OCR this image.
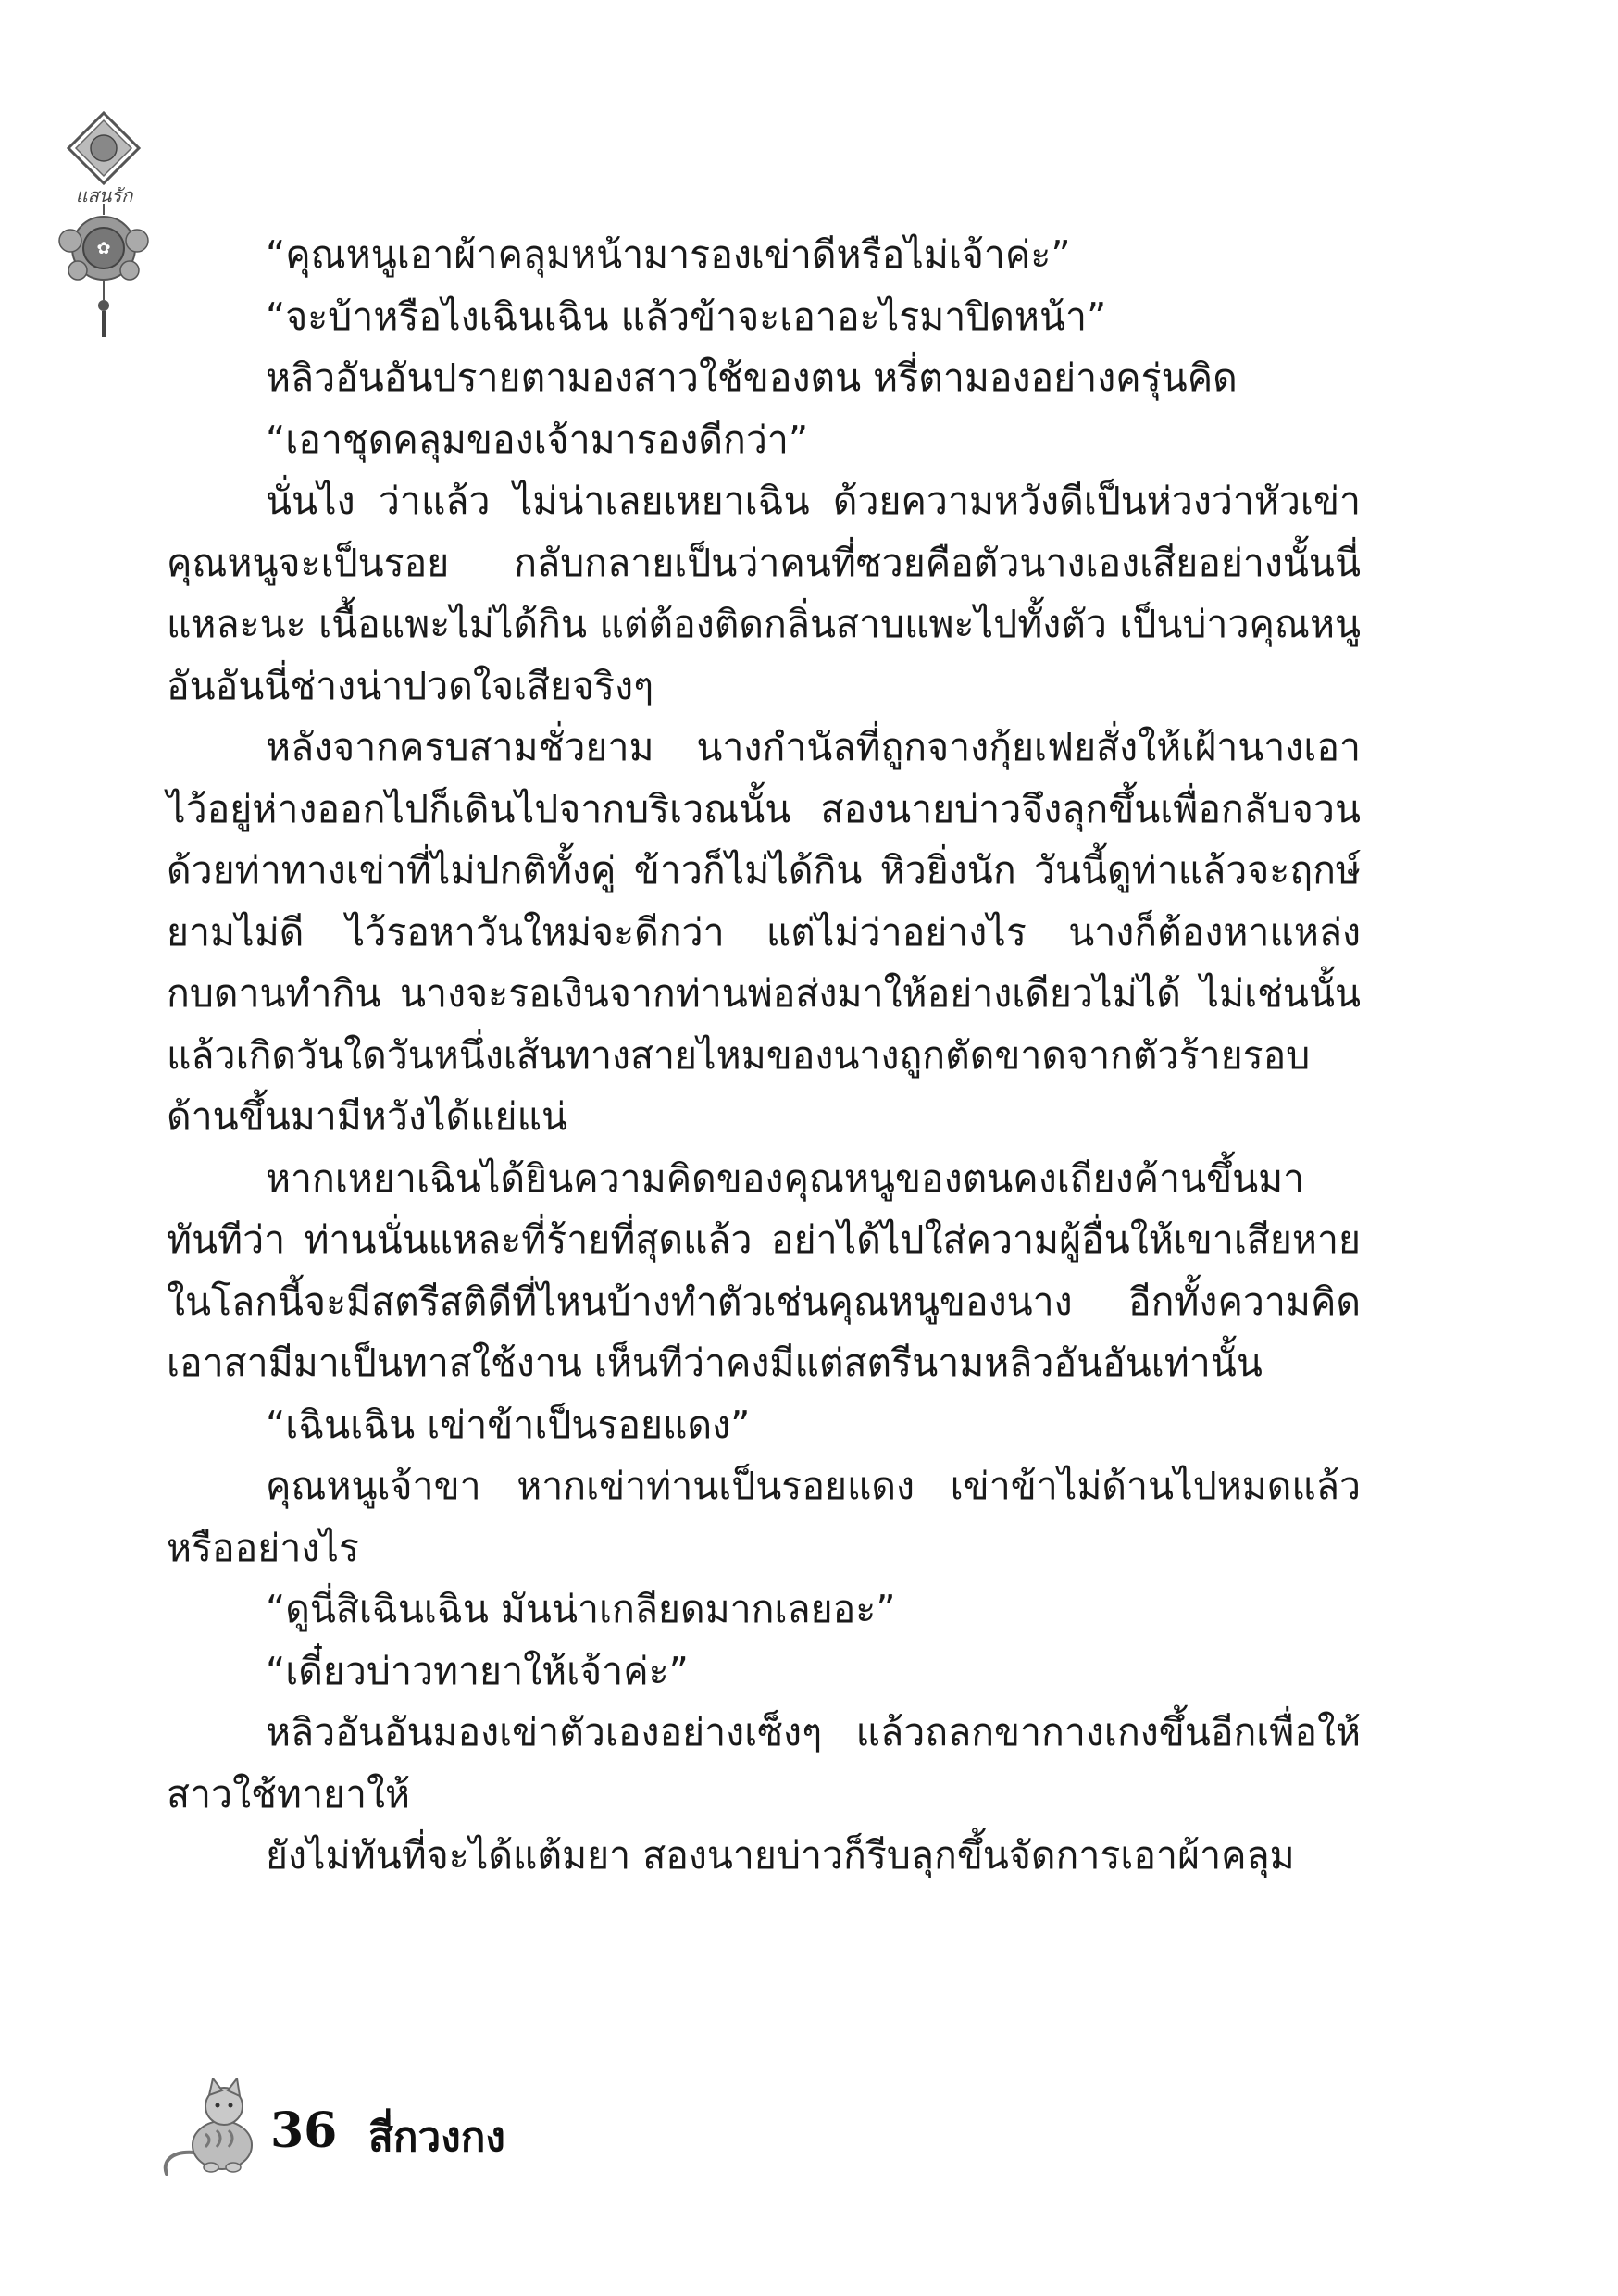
✿
แสนรัก

“คุณหนูเอาผ้าคลุมหน้ามารองเข่าดีหรือไม่เจ้าค่ะ”

“จะบ้าหรือไงเฉินเฉิน แล้วข้าจะเอาอะไรมาปิดหน้า”

หลิวอันอันปรายตามองสาวใช้ของตน หรี่ตามองอย่างครุ่นคิด

“เอาชุดคลุมของเจ้ามารองดีกว่า”

นั่นไง ว่าแล้ว ไม่น่าเลยเหยาเฉิน ด้วยความหวังดีเป็นห่วงว่าหัวเข่าคุณหนูจะเป็นรอย กลับกลายเป็นว่าคนที่ซวยคือตัวนางเองเสียอย่างนั้นนี่แหละนะ เนื้อแพะไม่ได้กิน แต่ต้องติดกลิ่นสาบแพะไปทั้งตัว เป็นบ่าวคุณหนูอันอันนี่ช่างน่าปวดใจเสียจริงๆ

หลังจากครบสามชั่วยาม นางกำนัลที่ถูกจางกุ้ยเฟยสั่งให้เฝ้านางเอาไว้อยู่ห่างออกไปก็เดินไปจากบริเวณนั้น สองนายบ่าวจึงลุกขึ้นเพื่อกลับจวนด้วยท่าทางเข่าที่ไม่ปกติทั้งคู่ ข้าวก็ไม่ได้กิน หิวยิ่งนัก วันนี้ดูท่าแล้วจะฤกษ์ยามไม่ดี ไว้รอหาวันใหม่จะดีกว่า แต่ไม่ว่าอย่างไร นางก็ต้องหาแหล่งกบดานทำกิน นางจะรอเงินจากท่านพ่อส่งมาให้อย่างเดียวไม่ได้ ไม่เช่นนั้นแล้วเกิดวันใดวันหนึ่งเส้นทางสายไหมของนางถูกตัดขาดจากตัวร้ายรอบด้านขึ้นมามีหวังได้แย่แน่

หากเหยาเฉินได้ยินความคิดของคุณหนูของตนคงเถียงค้านขึ้นมาทันทีว่า ท่านนั่นแหละที่ร้ายที่สุดแล้ว อย่าได้ไปใส่ความผู้อื่นให้เขาเสียหาย ในโลกนี้จะมีสตรีสติดีที่ไหนบ้างทำตัวเช่นคุณหนูของนาง อีกทั้งความคิดเอาสามีมาเป็นทาสใช้งาน เห็นทีว่าคงมีแต่สตรีนามหลิวอันอันเท่านั้น

“เฉินเฉิน เข่าข้าเป็นรอยแดง”

คุณหนูเจ้าขา หากเข่าท่านเป็นรอยแดง เข่าข้าไม่ด้านไปหมดแล้วหรืออย่างไร

“ดูนี่สิเฉินเฉิน มันน่าเกลียดมากเลยอะ”

“เดี๋ยวบ่าวทายาให้เจ้าค่ะ”

หลิวอันอันมองเข่าตัวเองอย่างเซ็งๆ แล้วถลกขากางเกงขึ้นอีกเพื่อให้สาวใช้ทายาให้

ยังไม่ทันที่จะได้แต้มยา สองนายบ่าวก็รีบลุกขึ้นจัดการเอาผ้าคลุม

36 สี่กวงกง
